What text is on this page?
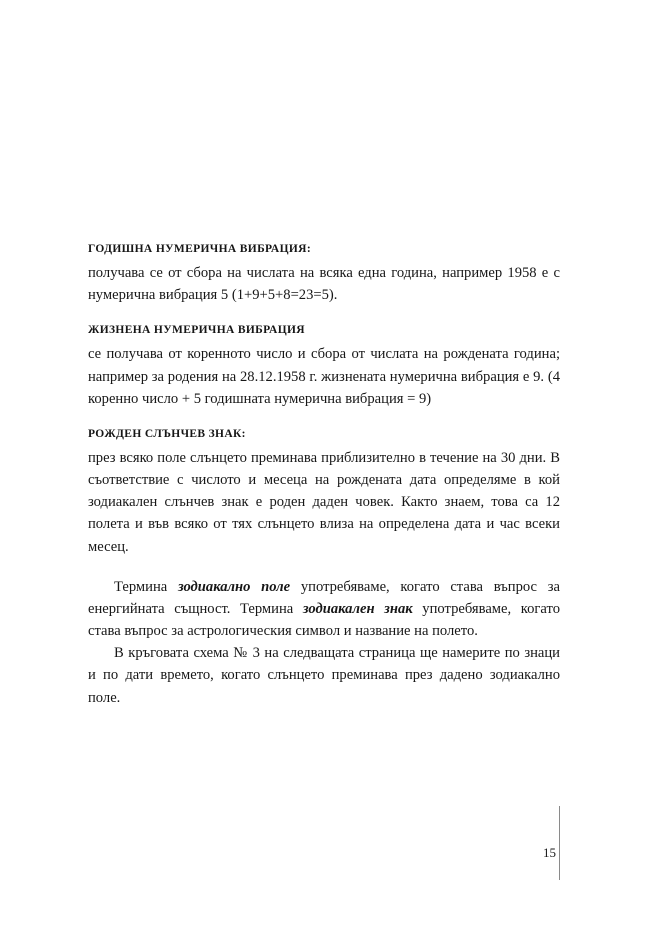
ГОДИШНА НУМЕРИЧНА ВИБРАЦИЯ:

получава се от сбора на числата на всяка една година, например 1958 е с нумерична вибрация 5 (1+9+5+8=23=5).

ЖИЗНЕНА НУМЕРИЧНА ВИБРАЦИЯ

се получава от коренното число и сбора от числата на рождената година; например за родения на 28.12.1958 г. жизнената нумерична вибрация е 9. (4 коренно число + 5 годишната нумерична вибрация = 9)

РОЖДЕН СЛЪНЧЕВ ЗНАК:

през всяко поле слънцето преминава приблизително в течение на 30 дни. В съответствие с числото и месеца на рождената дата определяме в кой зодиакален слънчев знак е роден даден човек. Както знаем, това са 12 полета и във всяко от тях слънцето влиза на определена дата и час всеки месец.

Термина зодиакално поле употребяваме, когато става въпрос за енергийната същност. Термина зодиакален знак употребяваме, когато става въпрос за астрологическия символ и название на полето.

В кръговата схема № 3 на следващата страница ще намерите по знаци и по дати времето, когато слънцето преминава през дадено зодиакално поле.

15
